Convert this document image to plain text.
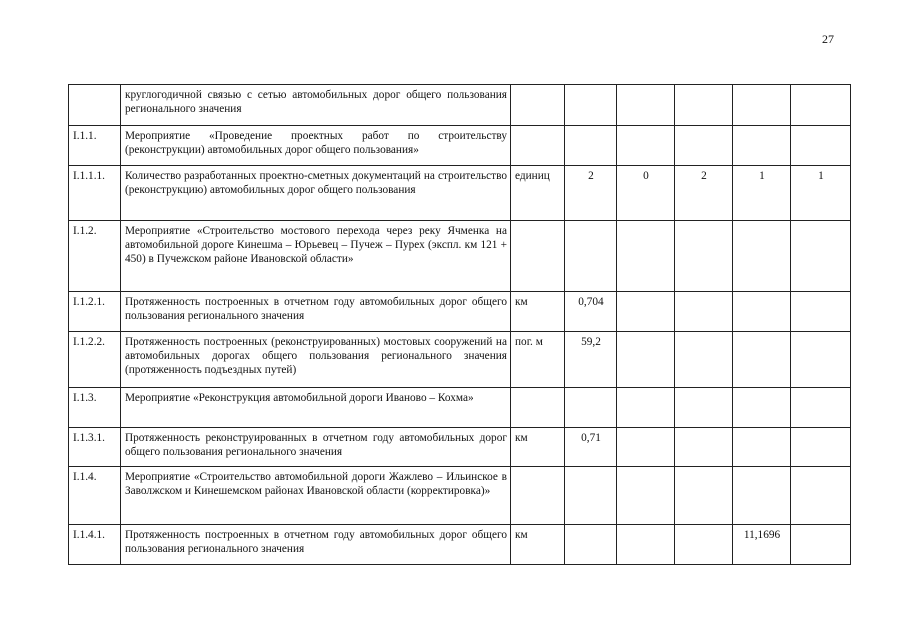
27
	круглогодичной связью с сетью автомобильных дорог общего пользования регионального значения						
I.1.1.	Мероприятие «Проведение проектных работ по строительству (реконструкции) автомобильных дорог общего пользования»						
I.1.1.1.	Количество разработанных проектно-сметных документаций на строительство (реконструкцию) автомобильных дорог общего пользования	единиц	2	0	2	1	1
I.1.2.	Мероприятие «Строительство мостового перехода через реку Ячменка на автомобильной дороге Кинешма – Юрьевец – Пучеж – Пурех (экспл. км 121 + 450) в Пучежском районе Ивановской области»						
I.1.2.1.	Протяженность построенных в отчетном году автомобильных дорог общего пользования регионального значения	км	0,704				
I.1.2.2.	Протяженность построенных (реконструированных) мостовых сооружений на автомобильных дорогах общего пользования регионального значения (протяженность подъездных путей)	пог. м	59,2				
I.1.3.	Мероприятие «Реконструкция автомобильной дороги Иваново – Кохма»						
I.1.3.1.	Протяженность реконструированных в отчетном году автомобильных дорог общего пользования регионального значения	км	0,71				
I.1.4.	Мероприятие «Строительство автомобильной дороги Жажлево – Ильинское в Заволжском и Кинешемском районах Ивановской области (корректировка)»						
I.1.4.1.	Протяженность построенных в отчетном году автомобильных дорог общего пользования регионального значения	км				11,1696	
